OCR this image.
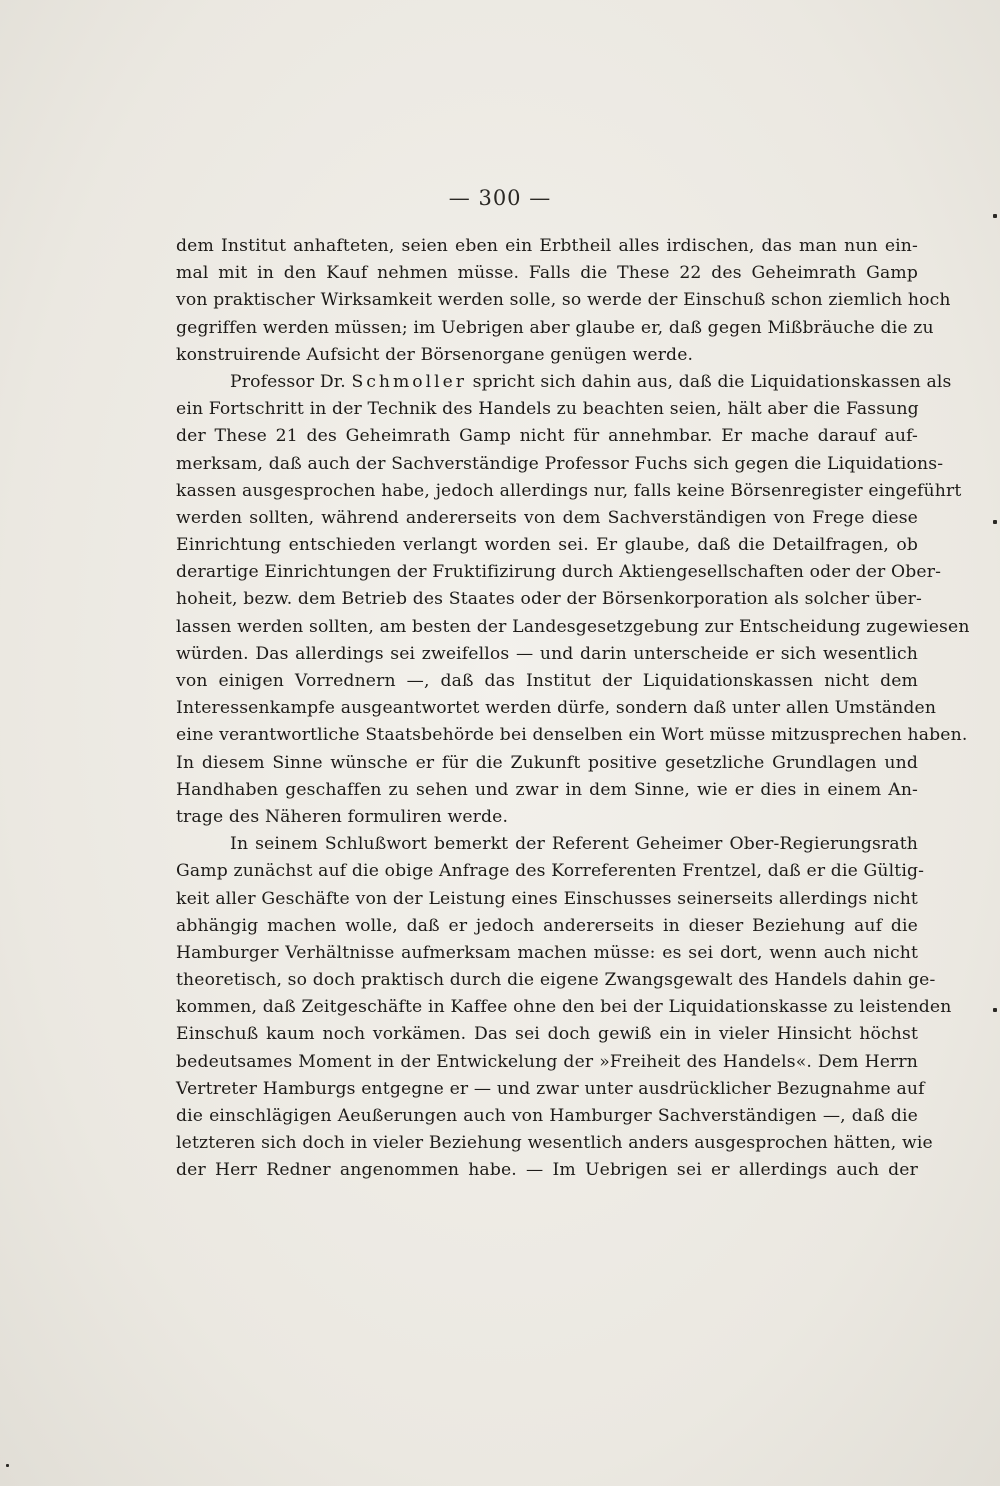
— 300 —
dem Institut anhafteten, seien eben ein Erbtheil alles irdischen, das man nun ein-
mal mit in den Kauf nehmen müsse. Falls die These 22 des Geheimrath Gamp
von praktischer Wirksamkeit werden solle, so werde der Einschuß schon ziemlich hoch
gegriffen werden müssen; im Uebrigen aber glaube er, daß gegen Mißbräuche die zu
konstruirende Aufsicht der Börsenorgane genügen werde.
Professor Dr. Schmoller spricht sich dahin aus, daß die Liquidationskassen als
ein Fortschritt in der Technik des Handels zu beachten seien, hält aber die Fassung
der These 21 des Geheimrath Gamp nicht für annehmbar. Er mache darauf auf-
merksam, daß auch der Sachverständige Professor Fuchs sich gegen die Liquidations-
kassen ausgesprochen habe, jedoch allerdings nur, falls keine Börsenregister eingeführt
werden sollten, während andererseits von dem Sachverständigen von Frege diese
Einrichtung entschieden verlangt worden sei. Er glaube, daß die Detailfragen, ob
derartige Einrichtungen der Fruktifizirung durch Aktiengesellschaften oder der Ober-
hoheit, bezw. dem Betrieb des Staates oder der Börsenkorporation als solcher über-
lassen werden sollten, am besten der Landesgesetzgebung zur Entscheidung zugewiesen
würden. Das allerdings sei zweifellos — und darin unterscheide er sich wesentlich
von einigen Vorrednern —, daß das Institut der Liquidationskassen nicht dem
Interessenkampfe ausgeantwortet werden dürfe, sondern daß unter allen Umständen
eine verantwortliche Staatsbehörde bei denselben ein Wort müsse mitzusprechen haben.
In diesem Sinne wünsche er für die Zukunft positive gesetzliche Grundlagen und
Handhaben geschaffen zu sehen und zwar in dem Sinne, wie er dies in einem An-
trage des Näheren formuliren werde.
In seinem Schlußwort bemerkt der Referent Geheimer Ober-Regierungsrath
Gamp zunächst auf die obige Anfrage des Korreferenten Frentzel, daß er die Gültig-
keit aller Geschäfte von der Leistung eines Einschusses seinerseits allerdings nicht
abhängig machen wolle, daß er jedoch andererseits in dieser Beziehung auf die
Hamburger Verhältnisse aufmerksam machen müsse: es sei dort, wenn auch nicht
theoretisch, so doch praktisch durch die eigene Zwangsgewalt des Handels dahin ge-
kommen, daß Zeitgeschäfte in Kaffee ohne den bei der Liquidationskasse zu leistenden
Einschuß kaum noch vorkämen. Das sei doch gewiß ein in vieler Hinsicht höchst
bedeutsames Moment in der Entwickelung der »Freiheit des Handels«. Dem Herrn
Vertreter Hamburgs entgegne er — und zwar unter ausdrücklicher Bezugnahme auf
die einschlägigen Aeußerungen auch von Hamburger Sachverständigen —, daß die
letzteren sich doch in vieler Beziehung wesentlich anders ausgesprochen hätten, wie
der Herr Redner angenommen habe. — Im Uebrigen sei er allerdings auch der
